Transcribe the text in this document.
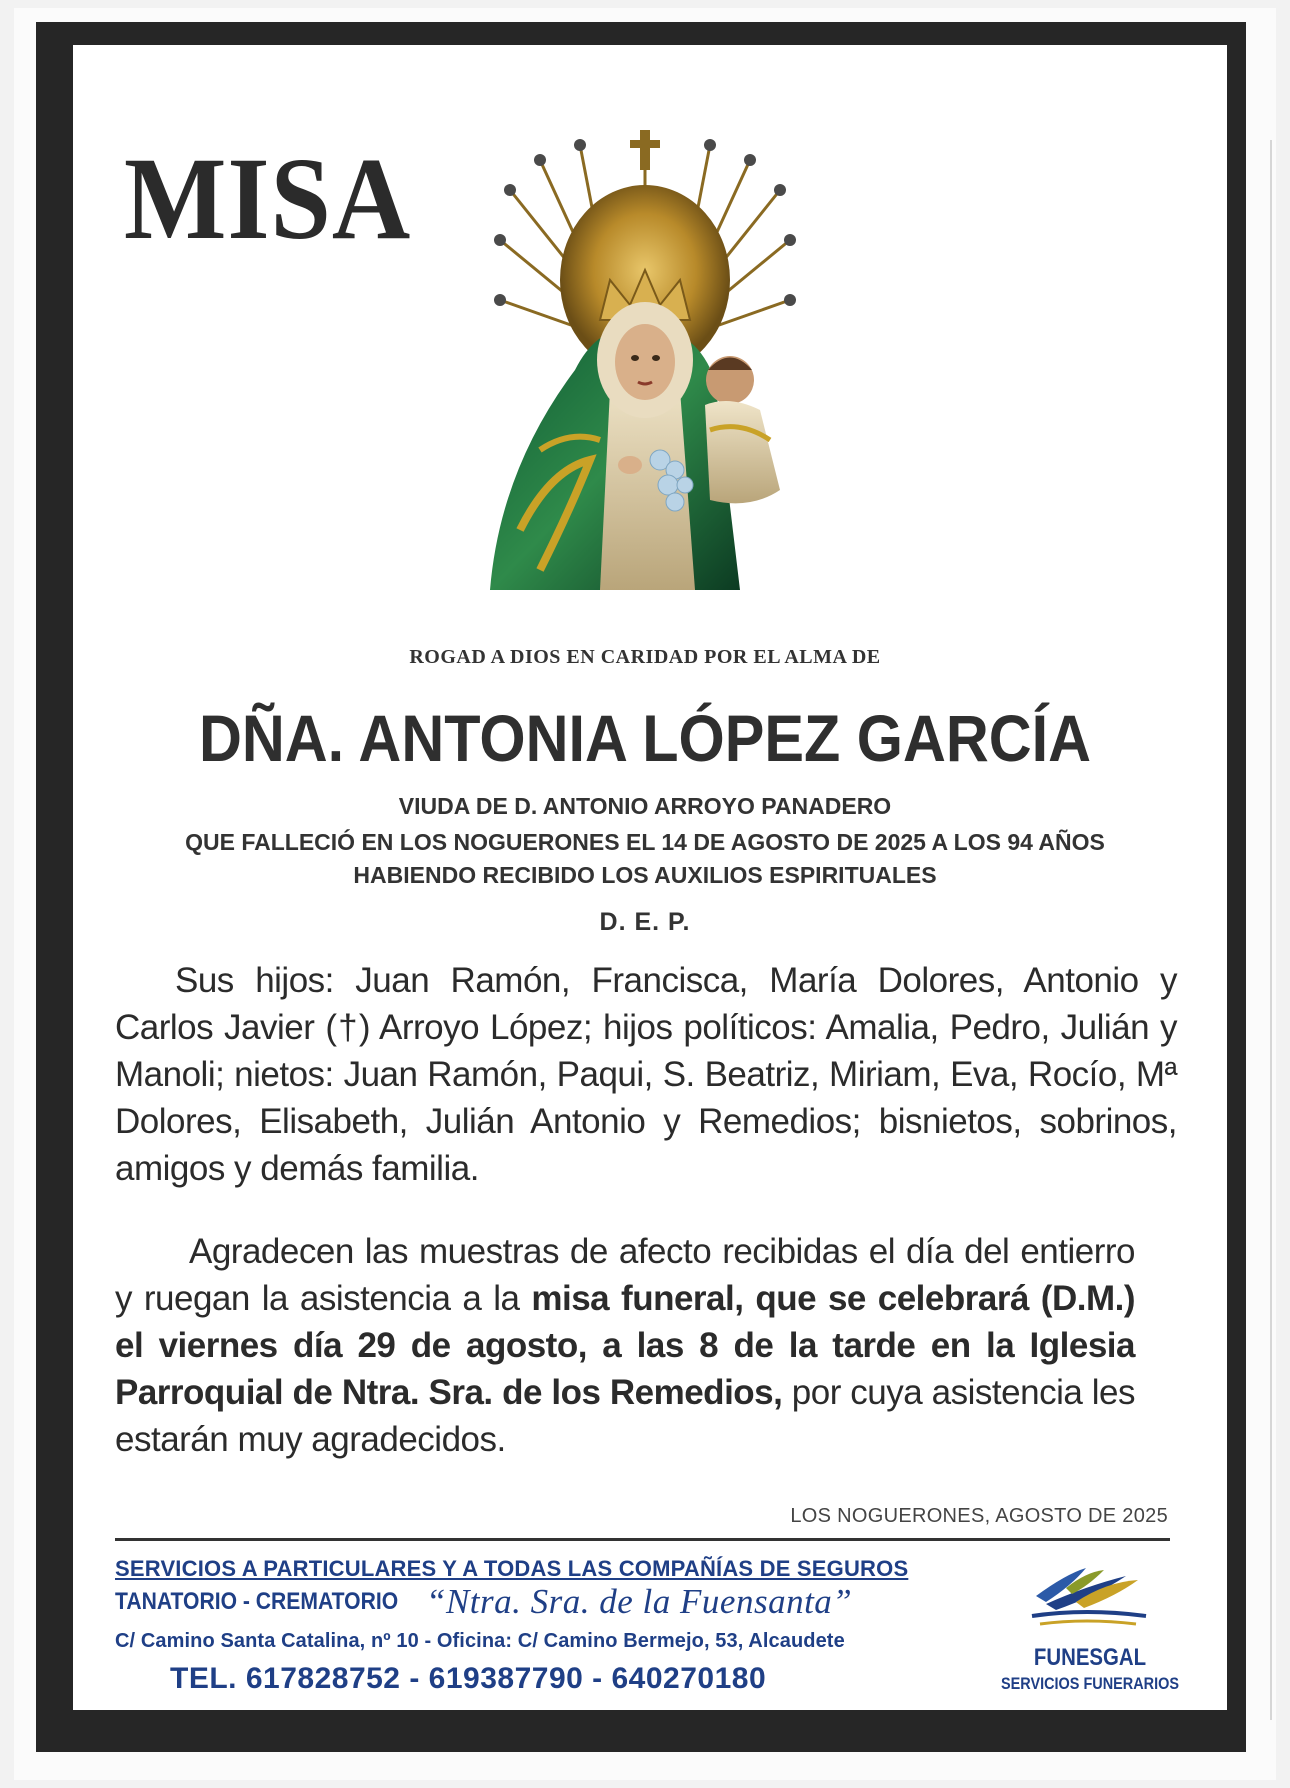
MISA
ROGAD A DIOS EN CARIDAD POR EL ALMA DE
DÑA. ANTONIA LÓPEZ GARCÍA
VIUDA DE D. ANTONIO ARROYO PANADERO
QUE FALLECIÓ EN LOS NOGUERONES EL 14 DE AGOSTO DE 2025 A LOS 94 AÑOS
HABIENDO RECIBIDO LOS AUXILIOS ESPIRITUALES
D. E. P.
Sus hijos: Juan Ramón, Francisca, María Dolores, Antonio y Carlos Javier (†) Arroyo López; hijos políticos: Amalia, Pedro, Julián y Manoli; nietos: Juan Ramón, Paqui, S. Beatriz, Miriam, Eva, Rocío, Mª Dolores, Elisabeth, Julián Antonio y Remedios; bisnietos, sobrinos, amigos y demás familia.
Agradecen las muestras de afecto recibidas el día del entierro y ruegan la asistencia a la misa funeral, que se celebrará (D.M.) el viernes día 29 de agosto, a las 8 de la tarde en la Iglesia Parroquial de Ntra. Sra. de los Remedios, por cuya asistencia les estarán muy agradecidos.
LOS NOGUERONES, AGOSTO DE 2025
SERVICIOS A PARTICULARES Y A TODAS LAS COMPAÑÍAS DE SEGUROS
TANATORIO - CREMATORIO “Ntra. Sra. de la Fuensanta”
C/ Camino Santa Catalina, nº 10 - Oficina: C/ Camino Bermejo, 53, Alcaudete
TEL. 617828752 - 619387790 - 640270180
FUNESGAL
SERVICIOS FUNERARIOS
